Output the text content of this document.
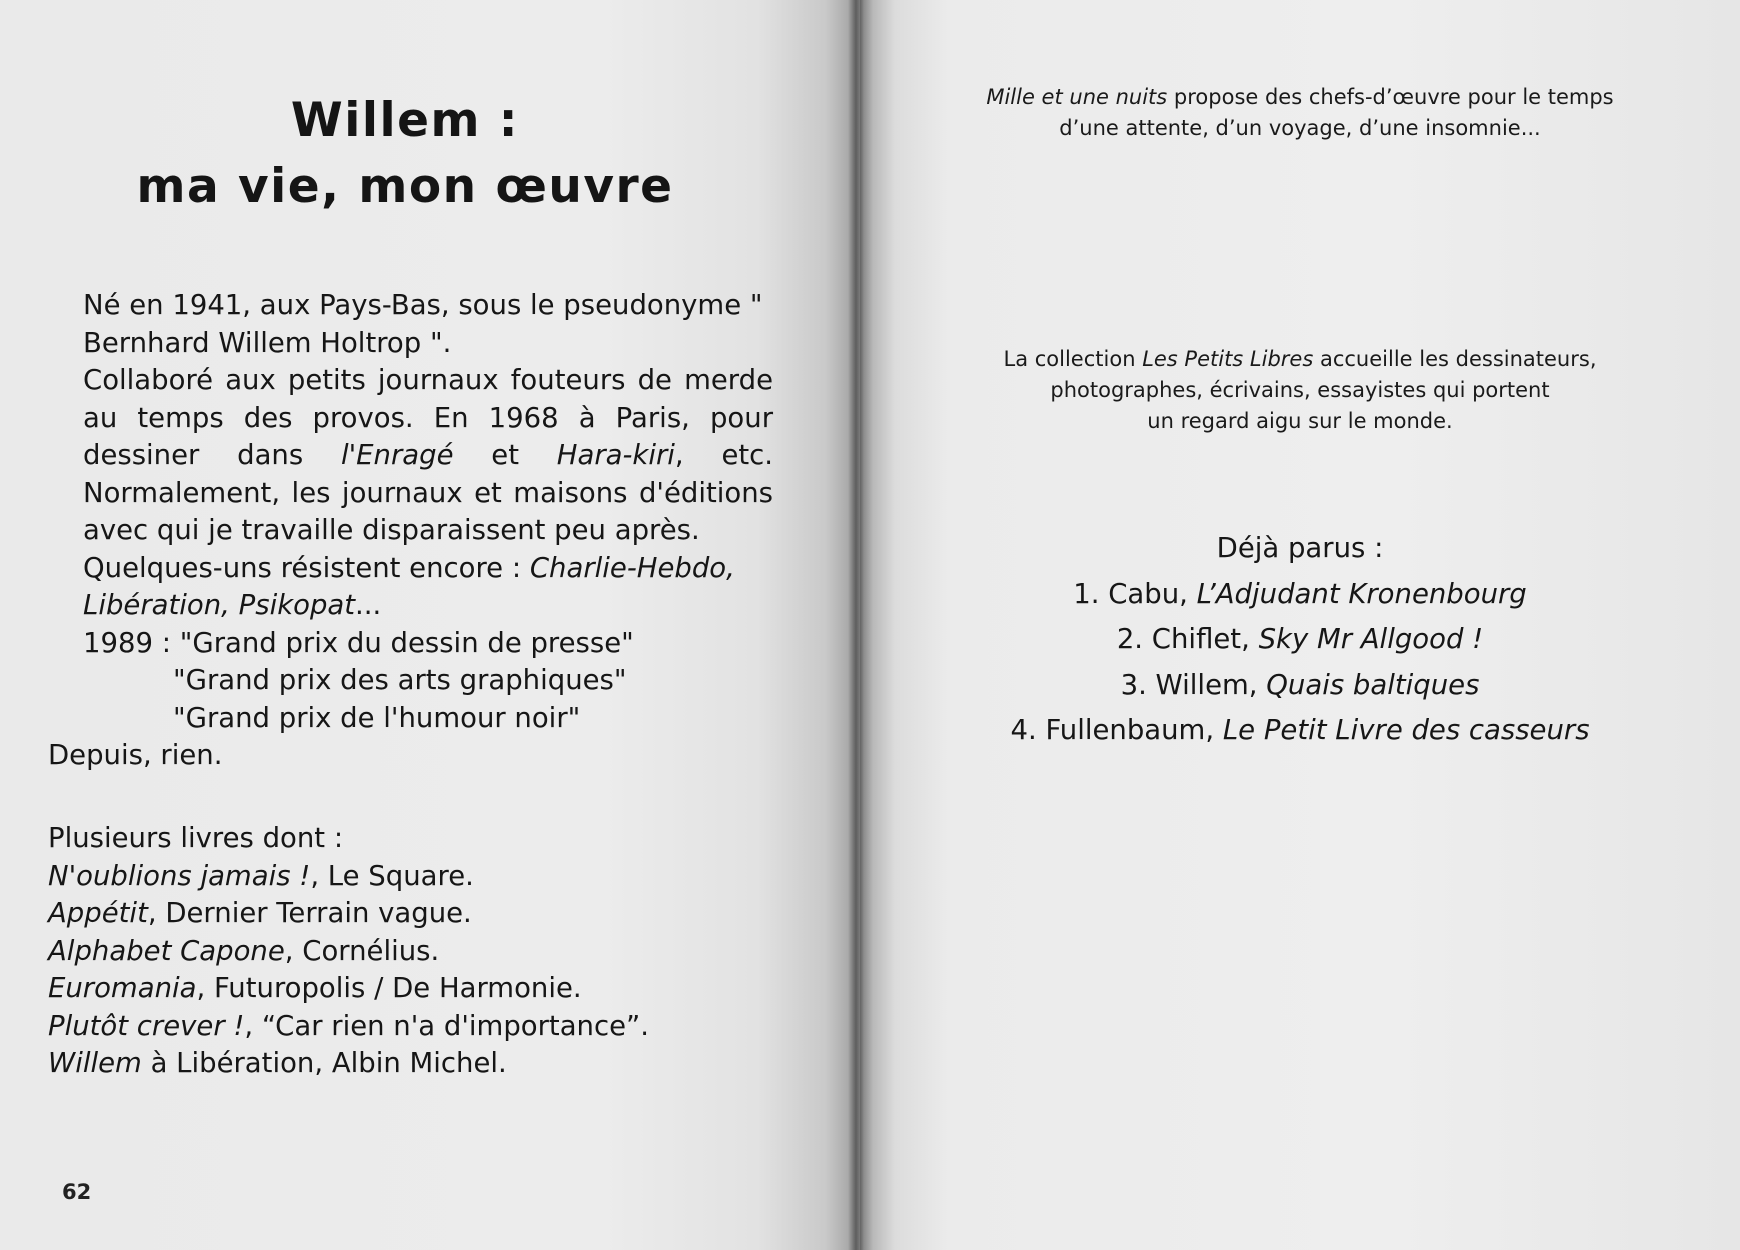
Willem :
ma vie, mon œuvre

Né en 1941, aux Pays-Bas, sous le pseudonyme " Bernhard Willem Holtrop ".

Collaboré aux petits journaux fouteurs de merde au temps des provos. En 1968 à Paris, pour dessiner dans l'Enragé et Hara-kiri, etc. Normalement, les journaux et maisons d'éditions avec qui je travaille disparaissent peu après.

Quelques-uns résistent encore : Charlie-Hebdo, Libération, Psikopat...

1989 : "Grand prix du dessin de presse"

"Grand prix des arts graphiques"

"Grand prix de l'humour noir"

Depuis, rien.

Plusieurs livres dont :

N'oublions jamais !, Le Square.

Appétit, Dernier Terrain vague.

Alphabet Capone, Cornélius.

Euromania, Futuropolis / De Harmonie.

Plutôt crever !, “Car rien n'a d'importance”.

Willem à Libération, Albin Michel.

62
Mille et une nuits propose des chefs-d’œuvre pour le temps
d’une attente, d’un voyage, d’une insomnie...
La collection Les Petits Libres accueille les dessinateurs,
photographes, écrivains, essayistes qui portent
un regard aigu sur le monde.

Déjà parus :

1. Cabu, L’Adjudant Kronenbourg

2. Chiflet, Sky Mr Allgood !

3. Willem, Quais baltiques

4. Fullenbaum, Le Petit Livre des casseurs
